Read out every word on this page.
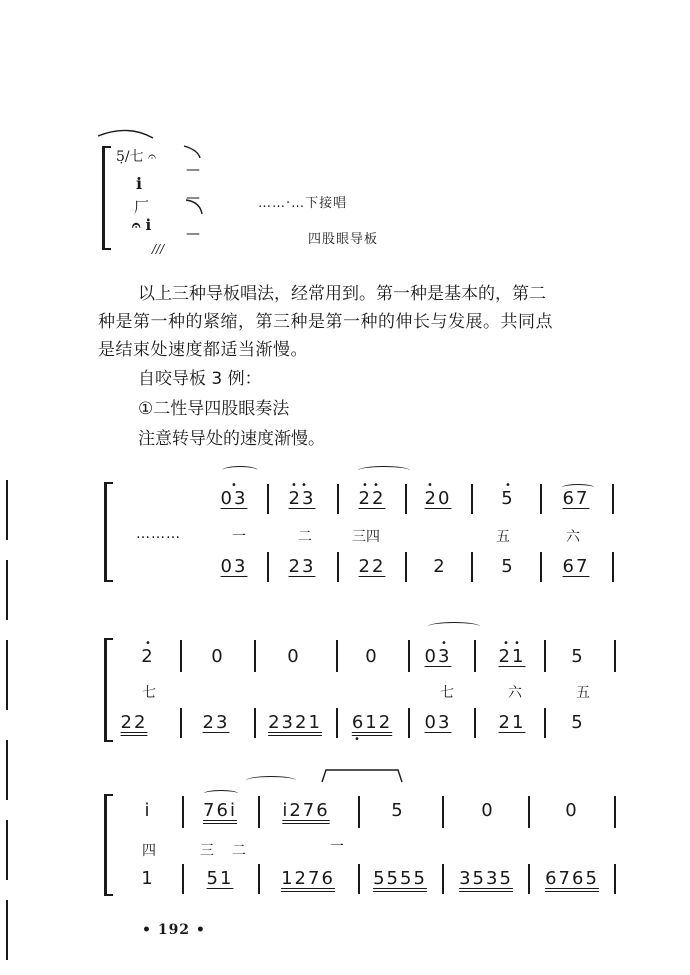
5̣/七 𝄐
i
厂
𝄐 i
///
—
—
—
……·…下接唱
四股眼导板
以上三种导板唱法，经常用到。第一种是基本的，第二
种是第一种的紧缩，第三种是第一种的伸长与发展。共同点
是结束处速度都适当渐慢。
自咬导板 3 例：
①二性导四股眼奏法
注意转导处的速度渐慢。
………
03	23	22	20	5	67
•	• •	• •	•	•
一	二	三四	五	六
03	23	22	2	5	67
2	0	0	0	03	21	5
•	•	• •
七	七	六	五
22	23	2321	612	03	21	5
•
i	76i	i276	5	0	0
四	三 二	一
1	51	1276	5555	3535	6765
• 192 •
